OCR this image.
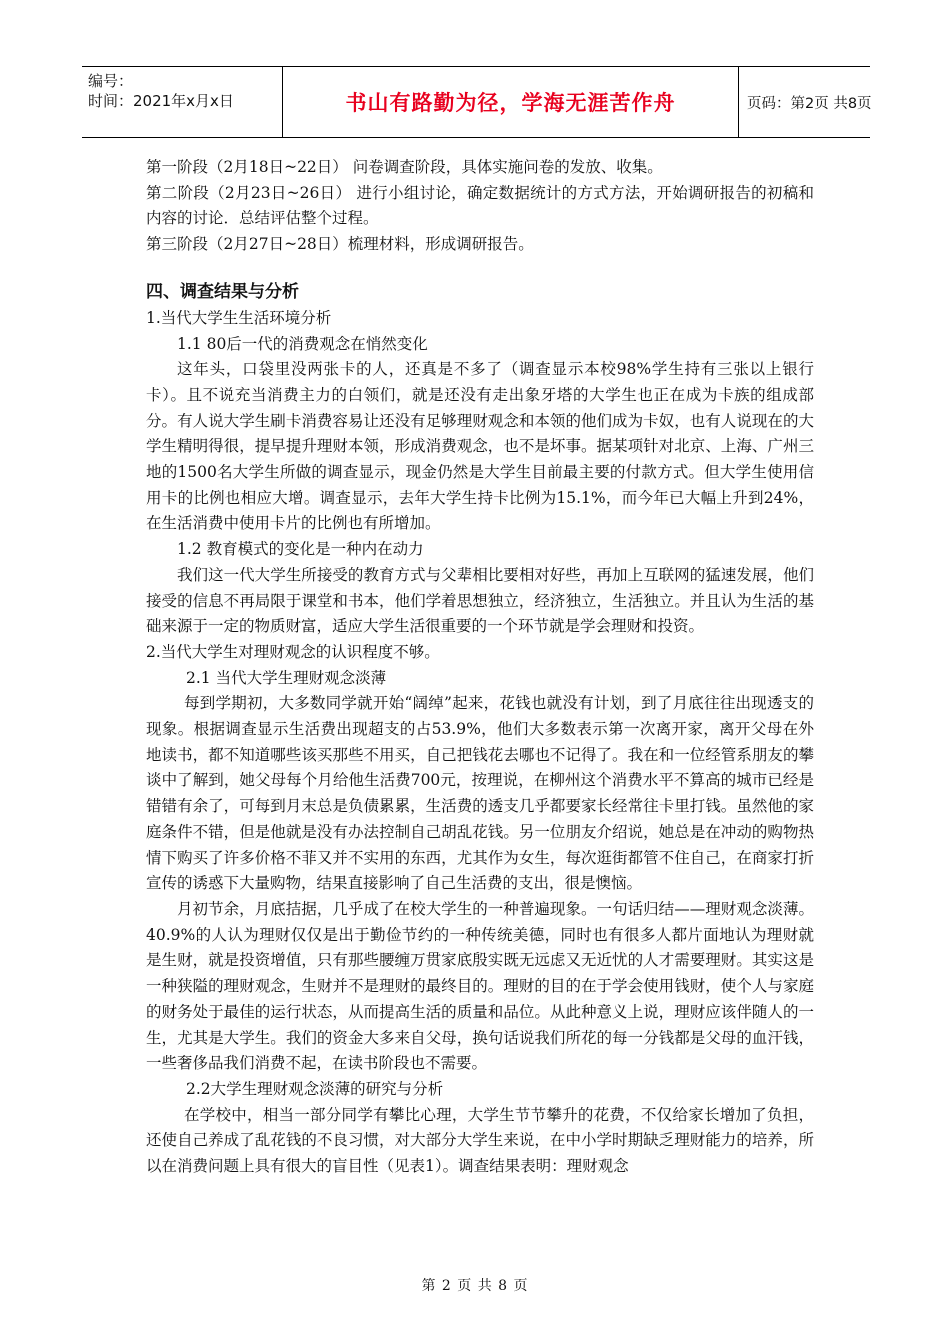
编号：
时间：2021年x月x日	书山有路勤为径，学海无涯苦作舟	页码：第2页 共8页

第一阶段（2月18日~22日） 问卷调查阶段，具体实施问卷的发放、收集。

第二阶段（2月23日~26日） 进行小组讨论，确定数据统计的方式方法，开始调研报告的初稿和内容的讨论．总结评估整个过程。

第三阶段（2月27日~28日）梳理材料，形成调研报告。

四、调查结果与分析

1.当代大学生生活环境分析

1.1 80后一代的消费观念在悄然变化

这年头，口袋里没两张卡的人，还真是不多了（调查显示本校98%学生持有三张以上银行卡）。且不说充当消费主力的白领们，就是还没有走出象牙塔的大学生也正在成为卡族的组成部分。有人说大学生刷卡消费容易让还没有足够理财观念和本领的他们成为卡奴，也有人说现在的大学生精明得很，提早提升理财本领，形成消费观念，也不是坏事。据某项针对北京、上海、广州三地的1500名大学生所做的调查显示，现金仍然是大学生目前最主要的付款方式。但大学生使用信用卡的比例也相应大增。调查显示，去年大学生持卡比例为15.1%，而今年已大幅上升到24%，在生活消费中使用卡片的比例也有所增加。

1.2 教育模式的变化是一种内在动力

我们这一代大学生所接受的教育方式与父辈相比要相对好些，再加上互联网的猛速发展，他们接受的信息不再局限于课堂和书本，他们学着思想独立，经济独立，生活独立。并且认为生活的基础来源于一定的物质财富，适应大学生活很重要的一个环节就是学会理财和投资。

2.当代大学生对理财观念的认识程度不够。

2.1 当代大学生理财观念淡薄

每到学期初，大多数同学就开始“阔绰”起来，花钱也就没有计划，到了月底往往出现透支的现象。根据调查显示生活费出现超支的占53.9%，他们大多数表示第一次离开家，离开父母在外地读书，都不知道哪些该买那些不用买，自己把钱花去哪也不记得了。我在和一位经管系朋友的攀谈中了解到，她父母每个月给他生活费700元，按理说，在柳州这个消费水平不算高的城市已经是错错有余了，可每到月末总是负债累累，生活费的透支几乎都要家长经常往卡里打钱。虽然他的家庭条件不错，但是他就是没有办法控制自己胡乱花钱。另一位朋友介绍说，她总是在冲动的购物热情下购买了许多价格不菲又并不实用的东西，尤其作为女生，每次逛街都管不住自己，在商家打折宣传的诱惑下大量购物，结果直接影响了自己生活费的支出，很是懊恼。

月初节余，月底拮据，几乎成了在校大学生的一种普遍现象。一句话归结——理财观念淡薄。40.9%的人认为理财仅仅是出于勤俭节约的一种传统美德，同时也有很多人都片面地认为理财就是生财，就是投资增值，只有那些腰缠万贯家底殷实既无远虑又无近忧的人才需要理财。其实这是一种狭隘的理财观念，生财并不是理财的最终目的。理财的目的在于学会使用钱财，使个人与家庭的财务处于最佳的运行状态，从而提高生活的质量和品位。从此种意义上说，理财应该伴随人的一生，尤其是大学生。我们的资金大多来自父母，换句话说我们所花的每一分钱都是父母的血汗钱，一些奢侈品我们消费不起，在读书阶段也不需要。

2.2大学生理财观念淡薄的研究与分析

在学校中，相当一部分同学有攀比心理，大学生节节攀升的花费，不仅给家长增加了负担，还使自己养成了乱花钱的不良习惯，对大部分大学生来说，在中小学时期缺乏理财能力的培养，所以在消费问题上具有很大的盲目性（见表1）。调查结果表明：理财观念

第 2 页 共 8 页
